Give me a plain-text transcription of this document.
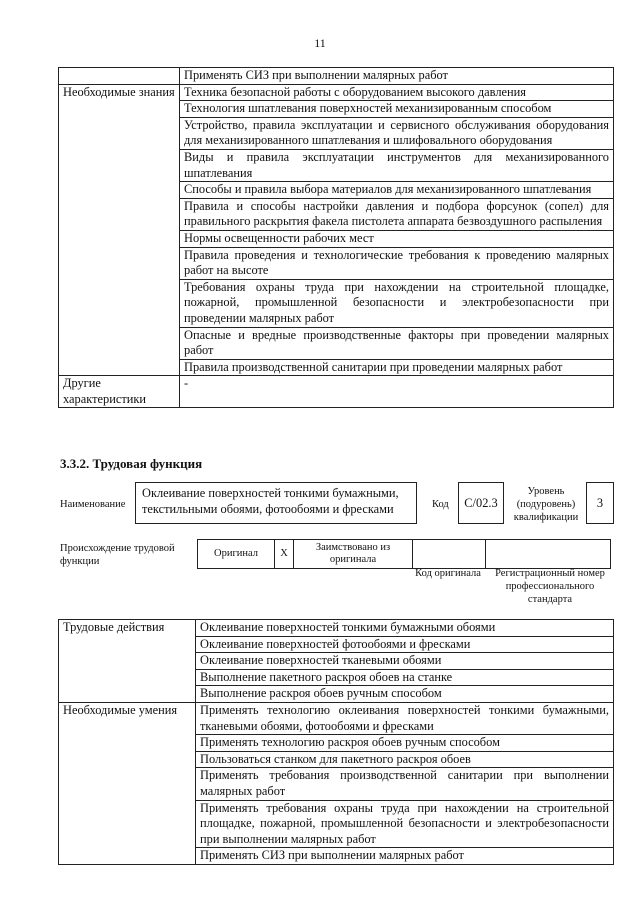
11
	Применять СИЗ при выполнении малярных работ
Необходимые знания	Техника безопасной работы с оборудованием высокого давления
	Технология шпатлевания поверхностей механизированным способом
	Устройство, правила эксплуатации и сервисного обслуживания оборудования для механизированного шпатлевания и шлифовального оборудования
	Виды и правила эксплуатации инструментов для механизированного шпатлевания
	Способы и правила выбора материалов для механизированного шпатлевания
	Правила и способы настройки давления и подбора форсунок (сопел) для правильного раскрытия факела пистолета аппарата безвоздушного распыления
	Нормы освещенности рабочих мест
	Правила проведения и технологические требования к проведению малярных работ на высоте
	Требования охраны труда при нахождении на строительной площадке, пожарной, промышленной безопасности и электробезопасности при проведении малярных работ
	Опасные и вредные производственные факторы при проведении малярных работ
	Правила производственной санитарии при проведении малярных работ
Другие характеристики	-
3.3.2. Трудовая функция
Наименование
Оклеивание поверхностей тонкими бумажными, текстильными обоями, фотообоями и фресками	Код	C/02.3
Уровень (подуровень) квалификации
3
Происхождение трудовой функции
Оригинал	X	Заимствовано из оригинала		
Код оригинала	Регистрационный номер профессионального стандарта
Трудовые действия	Оклеивание поверхностей тонкими бумажными обоями
	Оклеивание поверхностей фотообоями и фресками
	Оклеивание поверхностей тканевыми обоями
	Выполнение пакетного раскроя обоев на станке
	Выполнение раскроя обоев ручным способом
Необходимые умения	Применять технологию оклеивания поверхностей тонкими бумажными, тканевыми обоями, фотообоями и фресками
	Применять технологию раскроя обоев ручным способом
	Пользоваться станком для пакетного раскроя обоев
	Применять требования производственной санитарии при выполнении малярных работ
	Применять требования охраны труда при нахождении на строительной площадке, пожарной, промышленной безопасности и электробезопасности при выполнении малярных работ
	Применять СИЗ при выполнении малярных работ
